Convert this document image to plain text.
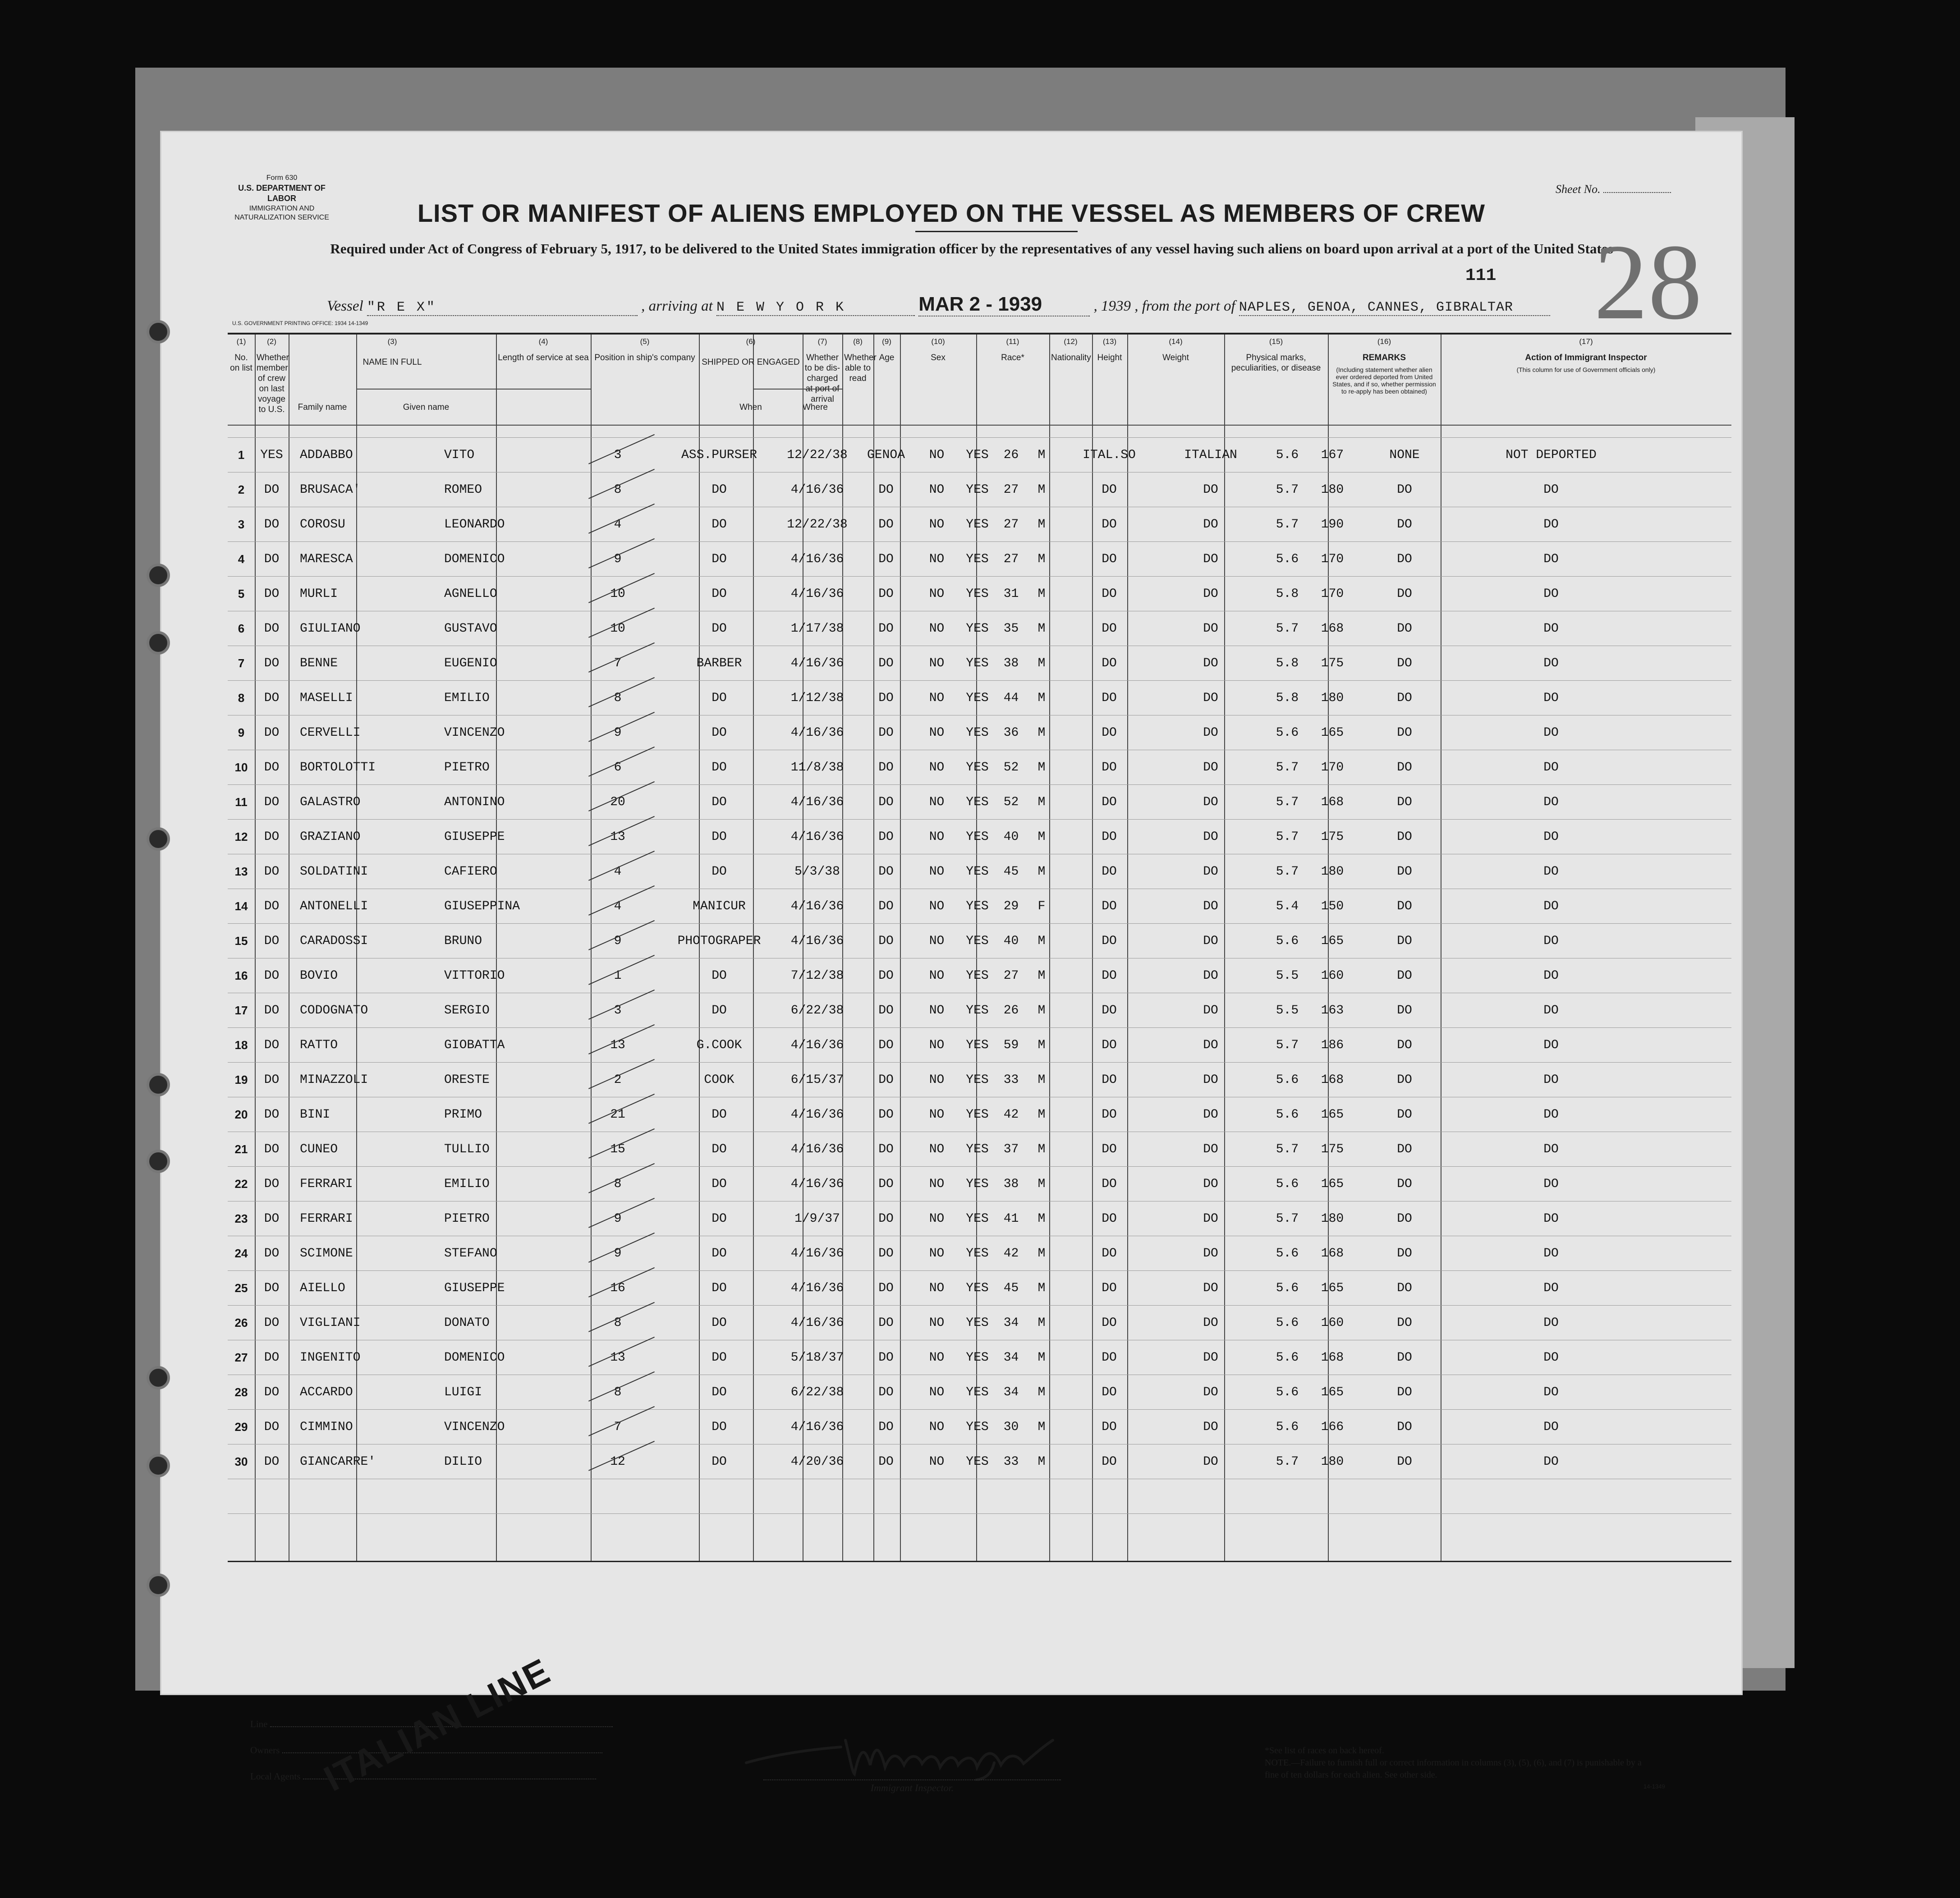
Form 630
U.S. DEPARTMENT OF LABOR
IMMIGRATION AND NATURALIZATION SERVICE
Sheet No.
LIST OR MANIFEST OF ALIENS EMPLOYED ON THE VESSEL AS MEMBERS OF CREW
Required under Act of Congress of February 5, 1917, to be delivered to the United States immigration officer by the representatives of any vessel having such aliens on board upon arrival at a port of the United States
111 28
Vessel "R E X"	, arriving at N E W Y O R K	MAR 2 - 1939	, 1939 , from the port of NAPLES, GENOA, CANNES, GIBRALTAR
U.S. GOVERNMENT PRINTING OFFICE: 1934 14-1349
(1)
No. on list
(2)
Whether member of crew on last voyage to U.S.
(3)
NAME IN FULL
Family name	Given name
(4)
Length of service at sea
(5)
Position in ship's company
(6)
SHIPPED OR ENGAGED
When	Where
(7)
Whether to be dis-charged at port of arrival
(8)
Whether able to read
(9)
Age
(10)
Sex
(11)
Race*
(12)
Nationality
(13)
Height
(14)
Weight
(15)
Physical marks, peculiarities, or disease
(16)
REMARKS
(Including statement whether alien ever ordered deported from United States, and if so, whether permission to re-apply has been obtained)
(17)
Action of Immigrant Inspector
(This column for use of Government officials only)
1	YES	ADDABBO	VITO	3	ASS.PURSER	12/22/38	GENOA	NO	YES	26	M	ITAL.SO	ITALIAN	5.6	167	NONE	NOT DEPORTED
2	DO	BRUSACA'	ROMEO	8	DO	4/16/36	DO	NO	YES	27	M	DO	DO	5.7	180	DO	DO
3	DO	COROSU	LEONARDO	4	DO	12/22/38	DO	NO	YES	27	M	DO	DO	5.7	190	DO	DO
4	DO	MARESCA	DOMENICO	9	DO	4/16/36	DO	NO	YES	27	M	DO	DO	5.6	170	DO	DO
5	DO	MURLI	AGNELLO	10	DO	4/16/36	DO	NO	YES	31	M	DO	DO	5.8	170	DO	DO
6	DO	GIULIANO	GUSTAVO	10	DO	1/17/38	DO	NO	YES	35	M	DO	DO	5.7	168	DO	DO
7	DO	BENNE	EUGENIO	7	BARBER	4/16/36	DO	NO	YES	38	M	DO	DO	5.8	175	DO	DO
8	DO	MASELLI	EMILIO	8	DO	1/12/38	DO	NO	YES	44	M	DO	DO	5.8	180	DO	DO
9	DO	CERVELLI	VINCENZO	9	DO	4/16/36	DO	NO	YES	36	M	DO	DO	5.6	165	DO	DO
10	DO	BORTOLOTTI	PIETRO	6	DO	11/8/38	DO	NO	YES	52	M	DO	DO	5.7	170	DO	DO
11	DO	GALASTRO	ANTONINO	20	DO	4/16/36	DO	NO	YES	52	M	DO	DO	5.7	168	DO	DO
12	DO	GRAZIANO	GIUSEPPE	13	DO	4/16/36	DO	NO	YES	40	M	DO	DO	5.7	175	DO	DO
13	DO	SOLDATINI	CAFIERO	4	DO	5/3/38	DO	NO	YES	45	M	DO	DO	5.7	180	DO	DO
14	DO	ANTONELLI	GIUSEPPINA	4	MANICUR	4/16/36	DO	NO	YES	29	F	DO	DO	5.4	150	DO	DO
15	DO	CARADOSSI	BRUNO	9	PHOTOGRAPER	4/16/36	DO	NO	YES	40	M	DO	DO	5.6	165	DO	DO
16	DO	BOVIO	VITTORIO	1	DO	7/12/38	DO	NO	YES	27	M	DO	DO	5.5	160	DO	DO
17	DO	CODOGNATO	SERGIO	3	DO	6/22/38	DO	NO	YES	26	M	DO	DO	5.5	163	DO	DO
18	DO	RATTO	GIOBATTA	13	G.COOK	4/16/36	DO	NO	YES	59	M	DO	DO	5.7	186	DO	DO
19	DO	MINAZZOLI	ORESTE	2	COOK	6/15/37	DO	NO	YES	33	M	DO	DO	5.6	168	DO	DO
20	DO	BINI	PRIMO	21	DO	4/16/36	DO	NO	YES	42	M	DO	DO	5.6	165	DO	DO
21	DO	CUNEO	TULLIO	15	DO	4/16/36	DO	NO	YES	37	M	DO	DO	5.7	175	DO	DO
22	DO	FERRARI	EMILIO	8	DO	4/16/36	DO	NO	YES	38	M	DO	DO	5.6	165	DO	DO
23	DO	FERRARI	PIETRO	9	DO	1/9/37	DO	NO	YES	41	M	DO	DO	5.7	180	DO	DO
24	DO	SCIMONE	STEFANO	9	DO	4/16/36	DO	NO	YES	42	M	DO	DO	5.6	168	DO	DO
25	DO	AIELLO	GIUSEPPE	16	DO	4/16/36	DO	NO	YES	45	M	DO	DO	5.6	165	DO	DO
26	DO	VIGLIANI	DONATO	8	DO	4/16/36	DO	NO	YES	34	M	DO	DO	5.6	160	DO	DO
27	DO	INGENITO	DOMENICO	13	DO	5/18/37	DO	NO	YES	34	M	DO	DO	5.6	168	DO	DO
28	DO	ACCARDO	LUIGI	8	DO	6/22/38	DO	NO	YES	34	M	DO	DO	5.6	165	DO	DO
29	DO	CIMMINO	VINCENZO	7	DO	4/16/36	DO	NO	YES	30	M	DO	DO	5.6	166	DO	DO
30	DO	GIANCARRE'	DILIO	12	DO	4/20/36	DO	NO	YES	33	M	DO	DO	5.7	180	DO	DO
Line
Owners
Local Agents ITALIAN LINE	Immigrant Inspector.
*See list of races on back hereof.
NOTE.—Failure to furnish full or correct information in columns (3), (5), (6), and (7) is punishable by a fine of ten dollars for each alien. See other side.
14-1349
